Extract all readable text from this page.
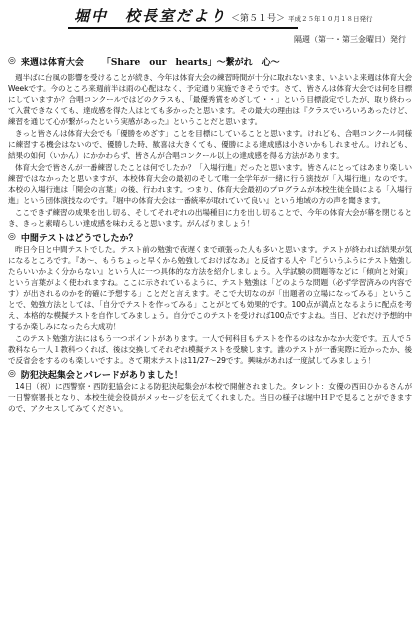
堀中　校長室だより ＜第５１号＞ 平成２５年１０月１８日発行
隔週（第一・第三金曜日）発行
◎ 来週は体育大会 「Share　our　hearts」～繋がれ　心～

週半ばに台風の影響を受けることが続き、今年は体育大会の練習時間が十分に取れないまま、いよいよ来週は体育大会Weekです。今のところ来週前半は雨の心配はなく、予定通り実施できそうです。さて、皆さんは体育大会では何を目標にしていますか？合唱コンクールではどのクラスも、「最優秀賞をめざして・・」という目標設定でしたが、取り終わって入賞できなくても、達成感を得た人はとても多かったと思います。その最大の理由は『クラスでいろいろあったけど、練習を通じて心が繋がったという実感があった』ということだと思います。

きっと皆さんは体育大会でも「優勝をめざす」ことを目標にしていることと思います。けれども、合唱コンクール同様に練習する機会はないので、優勝した時、歓喜は大きくても、優勝による達成感は小さいかもしれません。けれども、結果の如何（いかん）にかかわらず、皆さんが合唱コンクール以上の達成感を得る方法があります。

体育大会で皆さんが一番練習したことは何でしたか？「入場行進」だったと思います。皆さんにとってはあまり楽しい練習ではなかったと思いますが、本校体育大会の最初のそして唯一全学年が一緒に行う演技が「入場行進」なのです。本校の入場行進は「開会の言葉」の後、行われます。つまり、体育大会最初のプログラムが本校生徒全員による「入場行進」という団体演技なのです。『堀中の体育大会は一番統率が取れていて良い』という地域の方の声を聞きます。

ここできず練習の成果を出し切る、そしてそれぞれの出場種目に力を出し切ることで、今年の体育大会が幕を閉じるとき、きっと素晴らしい達成感を味わえると思います。がんばりましょう！

◎ 中間テストはどうでしたか？

昨日今日と中間テストでした。テスト前の勉強で夜遅くまで頑張った人も多いと思います。テストが終われば結果が気になるところです。『あ～、もうちょっと早くから勉強しておけばなあ』と反省する人や『どういうふうにテスト勉強したらいいかよく分からない』という人に一つ具体的な方法を紹介しましょう。入学試験の問題等などに「傾向と対策」という言葉がよく使われますね。ここに示されているように、テスト勉強は「どのような問題（必ず学習済みの内容です）が出されるのかを的確に予想する」ことだと言えます。そこで大切なのが「出題者の立場になってみる」ということで、勉強方法としては、「自分でテストを作ってみる」ことがとても効果的です。100点が満点となるように配点を考え、本格的な模擬テストを自作してみましょう。自分でこのテストを受ければ100点ですよね。当日、どれだけ予想的中するか楽しみになったら大成功！

このテスト勉強方法にはもう一つポイントがあります。一人で何科目もテストを作るのはなかなか大変です。五人で５教科なら一人１教科つくれば、後は交換してそれぞれ模擬テストを受験します。誰のテストが一番実際に近かったか、後で反省会をするのも楽しいですよ。さて期末テストは11/27～29です。興味があれば一度試してみましょう！

◎ 防犯決起集会とパレードがありました！

14日（祝）に西警察・西防犯協会による防犯決起集会が本校で開催されました。タレント：女優の西田ひかるさんが一日警察署長となり、本校生徒会役員がメッセージを伝えてくれました。当日の様子は堀中ＨＰで見ることができますので、アクセスしてみてください。
